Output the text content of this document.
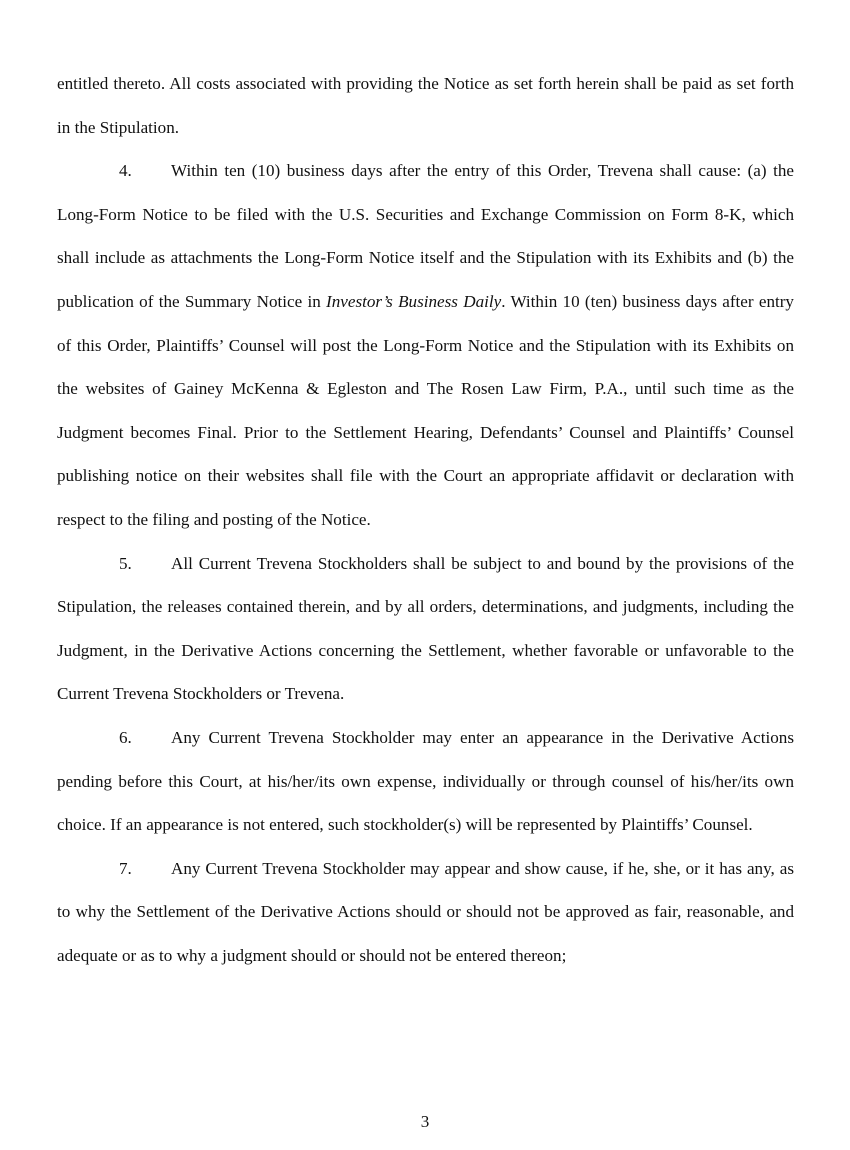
entitled thereto. All costs associated with providing the Notice as set forth herein shall be paid as set forth in the Stipulation.

4. Within ten (10) business days after the entry of this Order, Trevena shall cause: (a) the Long-Form Notice to be filed with the U.S. Securities and Exchange Commission on Form 8-K, which shall include as attachments the Long-Form Notice itself and the Stipulation with its Exhibits and (b) the publication of the Summary Notice in Investor’s Business Daily. Within 10 (ten) business days after entry of this Order, Plaintiffs’ Counsel will post the Long-Form Notice and the Stipulation with its Exhibits on the websites of Gainey McKenna & Egleston and The Rosen Law Firm, P.A., until such time as the Judgment becomes Final. Prior to the Settlement Hearing, Defendants’ Counsel and Plaintiffs’ Counsel publishing notice on their websites shall file with the Court an appropriate affidavit or declaration with respect to the filing and posting of the Notice.

5. All Current Trevena Stockholders shall be subject to and bound by the provisions of the Stipulation, the releases contained therein, and by all orders, determinations, and judgments, including the Judgment, in the Derivative Actions concerning the Settlement, whether favorable or unfavorable to the Current Trevena Stockholders or Trevena.

6. Any Current Trevena Stockholder may enter an appearance in the Derivative Actions pending before this Court, at his/her/its own expense, individually or through counsel of his/her/its own choice. If an appearance is not entered, such stockholder(s) will be represented by Plaintiffs’ Counsel.

7. Any Current Trevena Stockholder may appear and show cause, if he, she, or it has any, as to why the Settlement of the Derivative Actions should or should not be approved as fair, reasonable, and adequate or as to why a judgment should or should not be entered thereon;

3
